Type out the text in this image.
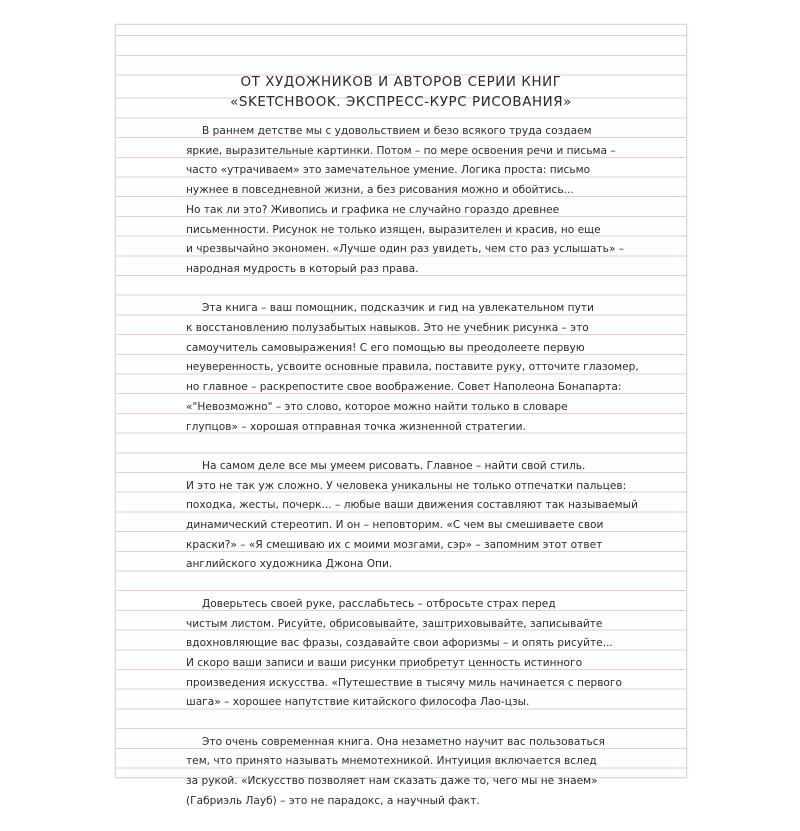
ОТ ХУДОЖНИКОВ И АВТОРОВ СЕРИИ КНИГ
«SKETCHBOOK. ЭКСПРЕСС-КУРС РИСОВАНИЯ»
В раннем детстве мы с удовольствием и безо всякого труда создаем
яркие, выразительные картинки. Потом – по мере освоения речи и письма –
часто «утрачиваем» это замечательное умение. Логика проста: письмо
нужнее в повседневной жизни, а без рисования можно и обойтись...
Но так ли это? Живопись и графика не случайно гораздо древнее
письменности. Рисунок не только изящен, выразителен и красив, но еще
и чрезвычайно экономен. «Лучше один раз увидеть, чем сто раз услышать» –
народная мудрость в который раз права.
Эта книга – ваш помощник, подсказчик и гид на увлекательном пути
к восстановлению полузабытых навыков. Это не учебник рисунка – это
самоучитель самовыражения! С его помощью вы преодолеете первую
неуверенность, усвоите основные правила, поставите руку, отточите глазомер,
но главное – раскрепостите свое воображение. Совет Наполеона Бонапарта:
«"Невозможно" – это слово, которое можно найти только в словаре
глупцов» – хорошая отправная точка жизненной стратегии.
На самом деле все мы умеем рисовать. Главное – найти свой стиль.
И это не так уж сложно. У человека уникальны не только отпечатки пальцев:
походка, жесты, почерк... – любые ваши движения составляют так называемый
динамический стереотип. И он – неповторим. «С чем вы смешиваете свои
краски?» – «Я смешиваю их с моими мозгами, сэр» – запомним этот ответ
английского художника Джона Опи.
Доверьтесь своей руке, расслабьтесь – отбросьте страх перед
чистым листом. Рисуйте, обрисовывайте, заштриховывайте, записывайте
вдохновляющие вас фразы, создавайте свои афоризмы – и опять рисуйте...
И скоро ваши записи и ваши рисунки приобретут ценность истинного
произведения искусства. «Путешествие в тысячу миль начинается с первого
шага» – хорошее напутствие китайского философа Лао-цзы.
Это очень современная книга. Она незаметно научит вас пользоваться
тем, что принято называть мнемотехникой. Интуиция включается вслед
за рукой. «Искусство позволяет нам сказать даже то, чего мы не знаем»
(Габриэль Лауб) – это не парадокс, а научный факт.
